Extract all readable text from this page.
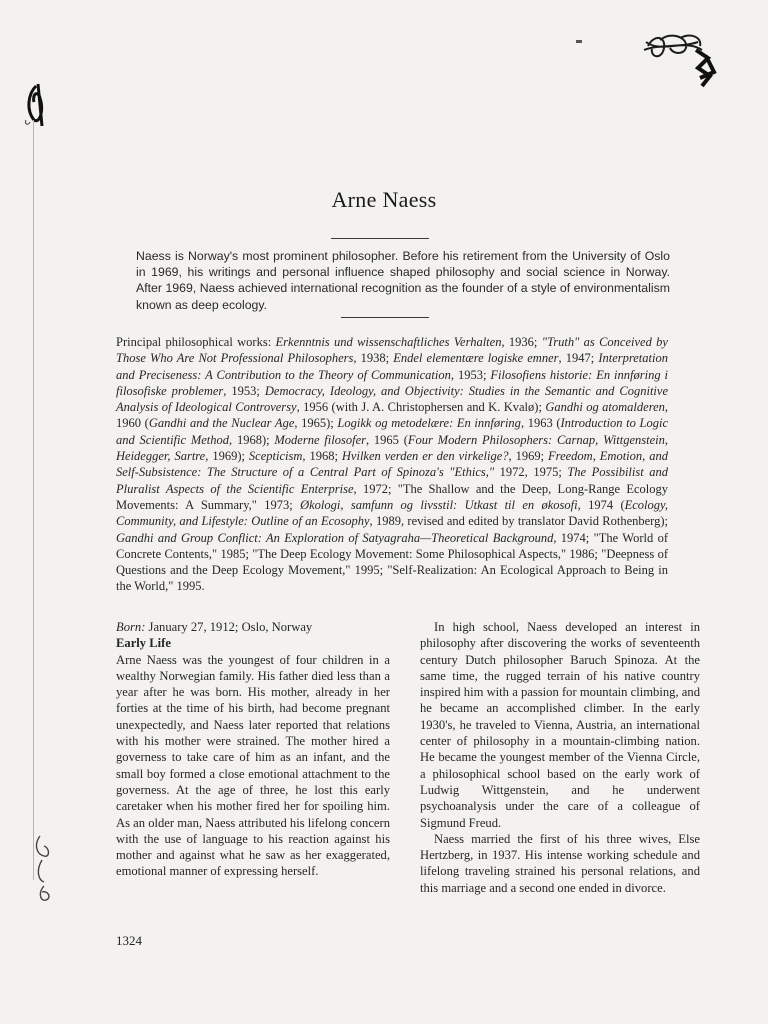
Arne Naess
Naess is Norway's most prominent philosopher. Before his retirement from the University of Oslo in 1969, his writings and personal influence shaped philosophy and social science in Norway. After 1969, Naess achieved international recognition as the founder of a style of environmentalism known as deep ecology.
Principal philosophical works: Erkenntnis und wissenschaftliches Verhalten, 1936; "Truth" as Conceived by Those Who Are Not Professional Philosophers, 1938; Endel elementære logiske emner, 1947; Interpretation and Preciseness: A Contribution to the Theory of Communication, 1953; Filosofiens historie: En innføring i filosofiske problemer, 1953; Democracy, Ideology, and Objectivity: Studies in the Semantic and Cognitive Analysis of Ideological Controversy, 1956 (with J. A. Christophersen and K. Kvalø); Gandhi og atomalderen, 1960 (Gandhi and the Nuclear Age, 1965); Logikk og metodelære: En innføring, 1963 (Introduction to Logic and Scientific Method, 1968); Moderne filosofer, 1965 (Four Modern Philosophers: Carnap, Wittgenstein, Heidegger, Sartre, 1969); Scepticism, 1968; Hvilken verden er den virkelige?, 1969; Freedom, Emotion, and Self-Subsistence: The Structure of a Central Part of Spinoza's "Ethics," 1972, 1975; The Possibilist and Pluralist Aspects of the Scientific Enterprise, 1972; "The Shallow and the Deep, Long-Range Ecology Movements: A Summary," 1973; Økologi, samfunn og livsstil: Utkast til en økosofi, 1974 (Ecology, Community, and Lifestyle: Outline of an Ecosophy, 1989, revised and edited by translator David Rothenberg); Gandhi and Group Conflict: An Exploration of Satyagraha—Theoretical Background, 1974; "The World of Concrete Contents," 1985; "The Deep Ecology Movement: Some Philosophical Aspects," 1986; "Deepness of Questions and the Deep Ecology Movement," 1995; "Self-Realization: An Ecological Approach to Being in the World," 1995.

Born: January 27, 1912; Oslo, Norway

Early Life

Arne Naess was the youngest of four children in a wealthy Norwegian family. His father died less than a year after he was born. His mother, already in her forties at the time of his birth, had become pregnant unexpectedly, and Naess later reported that relations with his mother were strained. The mother hired a governess to take care of him as an infant, and the small boy formed a close emotional attachment to the governess. At the age of three, he lost this early caretaker when his mother fired her for spoiling him. As an older man, Naess attributed his lifelong concern with the use of language to his reaction against his mother and against what he saw as her exaggerated, emotional manner of expressing herself.

In high school, Naess developed an interest in philosophy after discovering the works of seventeenth century Dutch philosopher Baruch Spinoza. At the same time, the rugged terrain of his native country inspired him with a passion for mountain climbing, and he became an accomplished climber. In the early 1930's, he traveled to Vienna, Austria, an international center of philosophy in a mountain-climbing nation. He became the youngest member of the Vienna Circle, a philosophical school based on the early work of Ludwig Wittgenstein, and he underwent psychoanalysis under the care of a colleague of Sigmund Freud.

Naess married the first of his three wives, Else Hertzberg, in 1937. His intense working schedule and lifelong traveling strained his personal relations, and this marriage and a second one ended in divorce.

1324
